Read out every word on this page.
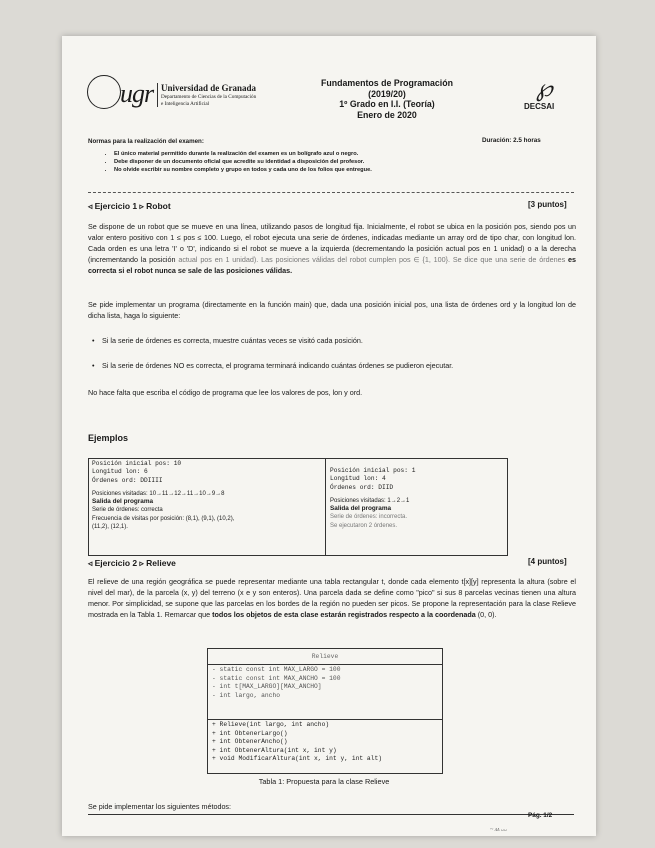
ugr Universidad de Granada
Departamento de Ciencias de la Computación
e Inteligencia Artificial
Fundamentos de Programación (2019/20)
1º Grado en I.I. (Teoría)
Enero de 2020
℘
DECSAI
Normas para la realización del examen:	Duración: 2.5 horas
• El único material permitido durante la realización del examen es un bolígrafo azul o negro.
• Debe disponer de un documento oficial que acredite su identidad a disposición del profesor.
• No olvide escribir su nombre completo y grupo en todos y cada uno de los folios que entregue.
◃ Ejercicio 1 ▹ Robot	[3 puntos]
Se dispone de un robot que se mueve en una línea, utilizando pasos de longitud fija. Inicialmente, el robot se ubica en la posición pos, siendo pos un valor entero positivo con 1 ≤ pos ≤ 100. Luego, el robot ejecuta una serie de órdenes, indicadas mediante un array ord de tipo char, con longitud lon. Cada orden es una letra 'I' o 'D', indicando si el robot se mueve a la izquierda (decrementando la posición actual pos en 1 unidad) o a la derecha (incrementando la posición actual pos en 1 unidad). Las posiciones válidas del robot cumplen pos ∈ {1, 100}. Se dice que una serie de órdenes es correcta si el robot nunca se sale de las posiciones válidas.
Se pide implementar un programa (directamente en la función main) que, dada una posición inicial pos, una lista de órdenes ord y la longitud lon de dicha lista, haga lo siguiente:
• Si la serie de órdenes es correcta, muestre cuántas veces se visitó cada posición.
• Si la serie de órdenes NO es correcta, el programa terminará indicando cuántas órdenes se pudieron ejecutar.
No hace falta que escriba el código de programa que lee los valores de pos, lon y ord.
Ejemplos
Posición inicial pos: 10
Longitud lon: 6
Órdenes ord: DDIIII
Posiciones visitadas: 10→11→12→11→10→9→8
Salida del programa
Serie de órdenes: correcta
Frecuencia de visitas por posición: (8,1), (9,1), (10,2),
(11,2), (12,1).
Posición inicial pos: 1
Longitud lon: 4
Órdenes ord: DIID
Posiciones visitadas: 1→2→1
Salida del programa
Serie de órdenes: incorrecta.
Se ejecutaron 2 órdenes.
◃ Ejercicio 2 ▹ Relieve	[4 puntos]
El relieve de una región geográfica se puede representar mediante una tabla rectangular t, donde cada elemento t[x][y] representa la altura (sobre el nivel del mar), de la parcela (x, y) del terreno (x e y son enteros). Una parcela dada se define como "pico" si sus 8 parcelas vecinas tienen una altura menor. Por simplicidad, se supone que las parcelas en los bordes de la región no pueden ser picos. Se propone la representación para la clase Relieve mostrada en la Tabla 1. Remarcar que todos los objetos de esta clase estarán registrados respecto a la coordenada (0, 0).
Relieve
- static const int MAX_LARGO = 100
- static const int MAX_ANCHO = 100
- int t[MAX_LARGO][MAX_ANCHO]
- int largo, ancho
+ Relieve(int largo, int ancho)
+ int ObtenerLargo()
+ int ObtenerAncho()
+ int ObtenerAltura(int x, int y)
+ void ModificarAltura(int x, int y, int alt)
Tabla 1: Propuesta para la clase Relieve
Se pide implementar los siguientes métodos:
Pág. 1/2
~ ᴧᴧ ᴗᴗ
